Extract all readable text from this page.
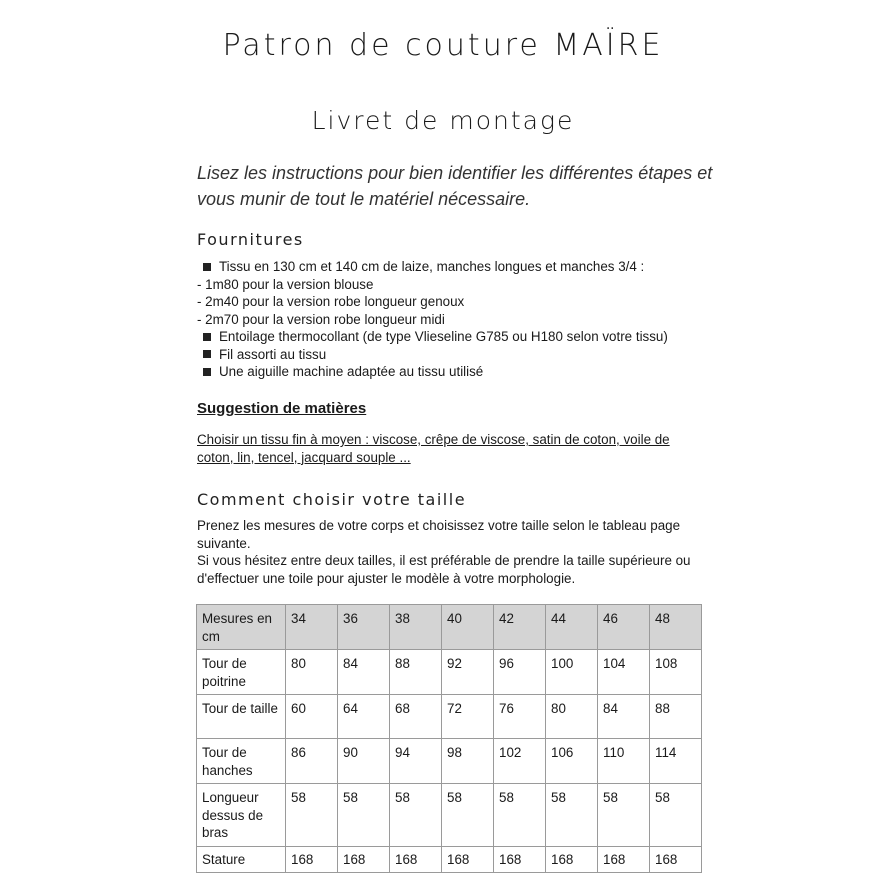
Patron de couture MAÏRE
Livret de montage
Lisez les instructions pour bien identifier les différentes étapes et vous munir de tout le matériel nécessaire.
Fournitures
Tissu en 130 cm et 140 cm de laize, manches longues et manches 3/4 :
- 1m80 pour la version blouse
- 2m40 pour la version robe longueur genoux
- 2m70 pour la version robe longueur midi
Entoilage thermocollant (de type Vlieseline G785 ou H180 selon votre tissu)
Fil assorti au tissu
Une aiguille machine adaptée au tissu utilisé
Suggestion de matières
Choisir un tissu fin à moyen : viscose, crêpe de viscose, satin de coton, voile de coton, lin, tencel, jacquard souple ...
Comment choisir votre taille

Prenez les mesures de votre corps et choisissez votre taille selon le tableau page suivante.

Si vous hésitez entre deux tailles, il est préférable de prendre la taille supérieure ou d'effectuer une toile pour ajuster le modèle à votre morphologie.

Mesures en cm	34	36	38	40	42	44	46	48
Tour de poitrine	80	84	88	92	96	100	104	108
Tour de taille	60	64	68	72	76	80	84	88
Tour de hanches	86	90	94	98	102	106	110	114
Longueur dessus de bras	58	58	58	58	58	58	58	58
Stature	168	168	168	168	168	168	168	168
